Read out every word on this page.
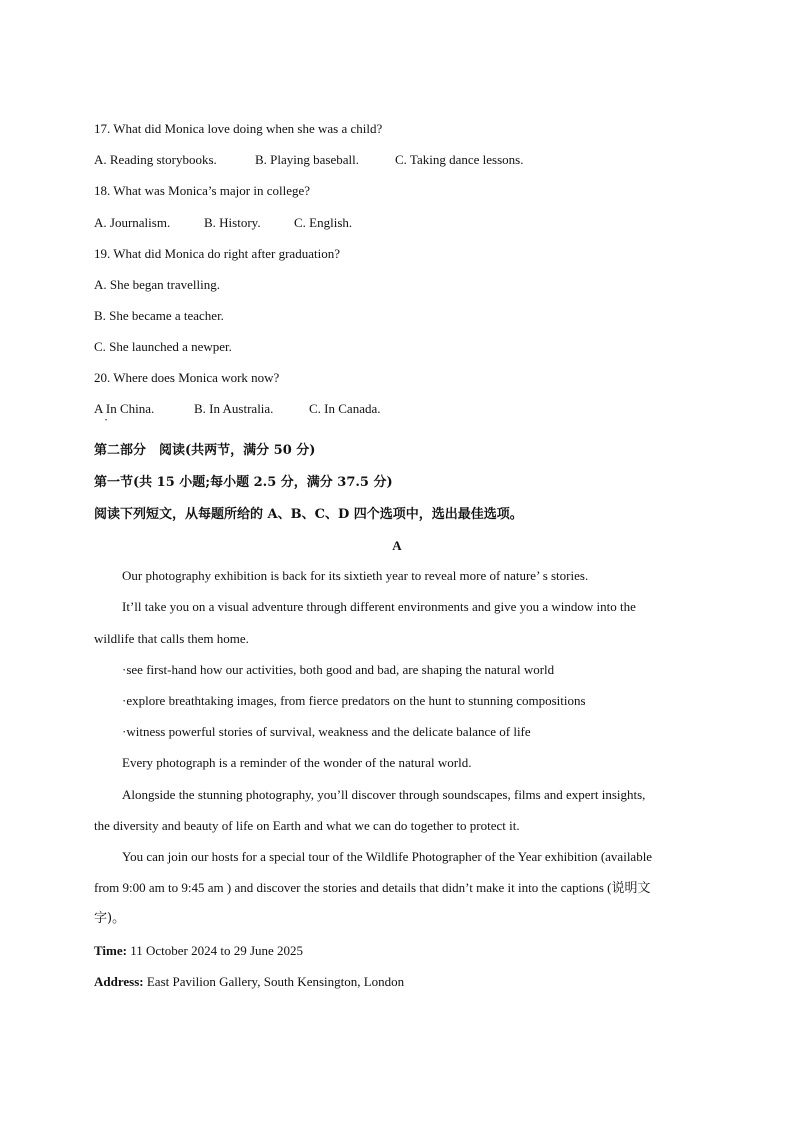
17. What did Monica love doing when she was a child?
A. Reading storybooks.	B. Playing baseball.	C. Taking dance lessons.
18. What was Monica’s major in college?
A. Journalism.	B. History.	C. English.
19. What did Monica do right after graduation?
A. She began travelling.
B. She became a teacher.
C. She launched a newper.
20. Where does Monica work now?
A In China.	B. In Australia.	C. In Canada.
•
第二部分　阅读(共两节，满分 50 分)
第一节(共 15 小题;每小题 2.5 分，满分 37.5 分)
阅读下列短文，从每题所给的 A、B、C、D 四个选项中，选出最佳选项。
A
Our photography exhibition is back for its sixtieth year to reveal more of nature’ s stories.
It’ll take you on a visual adventure through different environments and give you a window into the
wildlife that calls them home.
·see first-hand how our activities, both good and bad, are shaping the natural world
·explore breathtaking images, from fierce predators on the hunt to stunning compositions
·witness powerful stories of survival, weakness and the delicate balance of life
Every photograph is a reminder of the wonder of the natural world.
Alongside the stunning photography, you’ll discover through soundscapes, films and expert insights,
the diversity and beauty of life on Earth and what we can do together to protect it.
You can join our hosts for a special tour of the Wildlife Photographer of the Year exhibition (available
from 9:00 am to 9:45 am ) and discover the stories and details that didn’t make it into the captions (说明文
字)。
Time: 11 October 2024 to 29 June 2025
Address: East Pavilion Gallery, South Kensington, London
